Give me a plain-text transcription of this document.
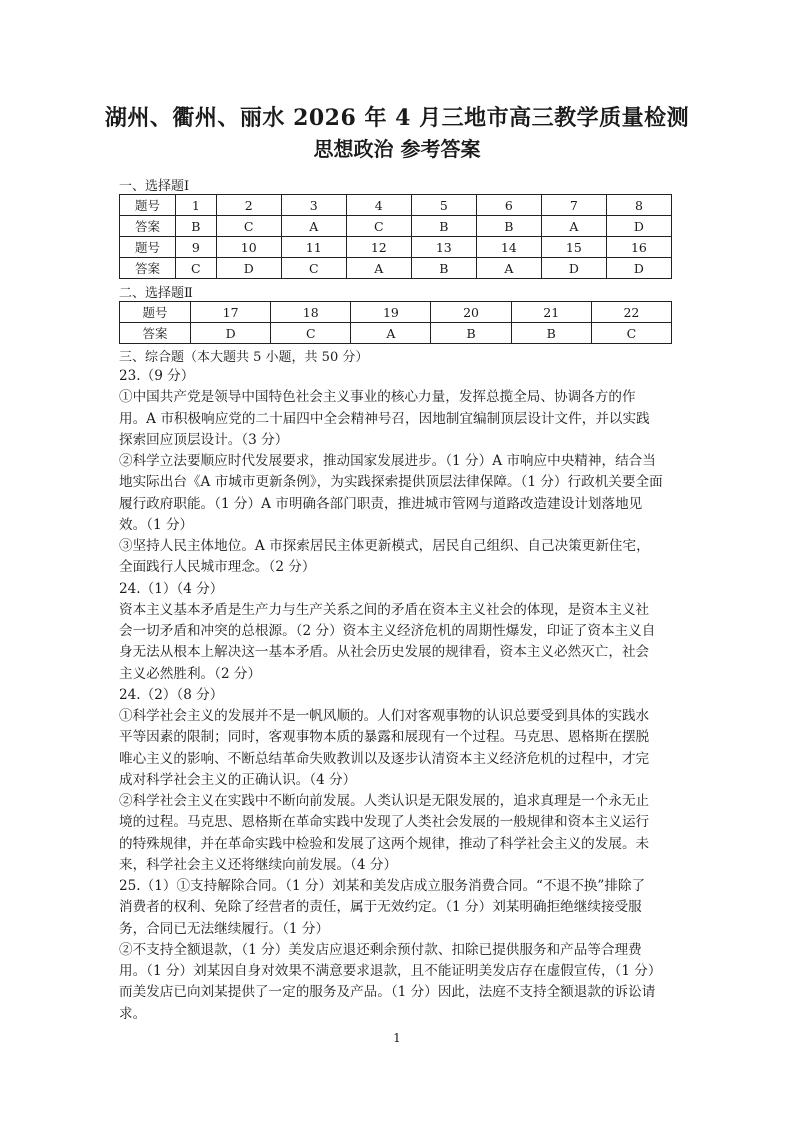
湖州、衢州、丽水 2026 年 4 月三地市高三教学质量检测
思想政治 参考答案
一、选择题Ⅰ
题号	1	2	3	4	5	6	7	8
答案	B	C	A	C	B	B	A	D
题号	9	10	11	12	13	14	15	16
答案	C	D	C	A	B	A	D	D
二、选择题Ⅱ
题号	17	18	19	20	21	22
答案	D	C	A	B	B	C
三、综合题（本大题共 5 小题，共 50 分）
23.（9 分）
①中国共产党是领导中国特色社会主义事业的核心力量，发挥总揽全局、协调各方的作
用。A 市积极响应党的二十届四中全会精神号召，因地制宜编制顶层设计文件，并以实践
探索回应顶层设计。（3 分）
②科学立法要顺应时代发展要求，推动国家发展进步。（1 分）A 市响应中央精神，结合当
地实际出台《A 市城市更新条例》，为实践探索提供顶层法律保障。（1 分）行政机关要全面
履行政府职能。（1 分）A 市明确各部门职责，推进城市管网与道路改造建设计划落地见
效。（1 分）
③坚持人民主体地位。A 市探索居民主体更新模式，居民自己组织、自己决策更新住宅，
全面践行人民城市理念。（2 分）
24.（1）（4 分）
资本主义基本矛盾是生产力与生产关系之间的矛盾在资本主义社会的体现，是资本主义社
会一切矛盾和冲突的总根源。（2 分）资本主义经济危机的周期性爆发，印证了资本主义自
身无法从根本上解决这一基本矛盾。从社会历史发展的规律看，资本主义必然灭亡，社会
主义必然胜利。（2 分）
24.（2）（8 分）
①科学社会主义的发展并不是一帆风顺的。人们对客观事物的认识总要受到具体的实践水
平等因素的限制；同时，客观事物本质的暴露和展现有一个过程。马克思、恩格斯在摆脱
唯心主义的影响、不断总结革命失败教训以及逐步认清资本主义经济危机的过程中，才完
成对科学社会主义的正确认识。（4 分）
②科学社会主义在实践中不断向前发展。人类认识是无限发展的，追求真理是一个永无止
境的过程。马克思、恩格斯在革命实践中发现了人类社会发展的一般规律和资本主义运行
的特殊规律，并在革命实践中检验和发展了这两个规律，推动了科学社会主义的发展。未
来，科学社会主义还将继续向前发展。（4 分）
25.（1）①支持解除合同。（1 分）刘某和美发店成立服务消费合同。“不退不换”排除了
消费者的权利、免除了经营者的责任，属于无效约定。（1 分）刘某明确拒绝继续接受服
务，合同已无法继续履行。（1 分）
②不支持全额退款，（1 分）美发店应退还剩余预付款、扣除已提供服务和产品等合理费
用。（1 分）刘某因自身对效果不满意要求退款，且不能证明美发店存在虚假宣传，（1 分）
而美发店已向刘某提供了一定的服务及产品。（1 分）因此，法庭不支持全额退款的诉讼请
求。
1
